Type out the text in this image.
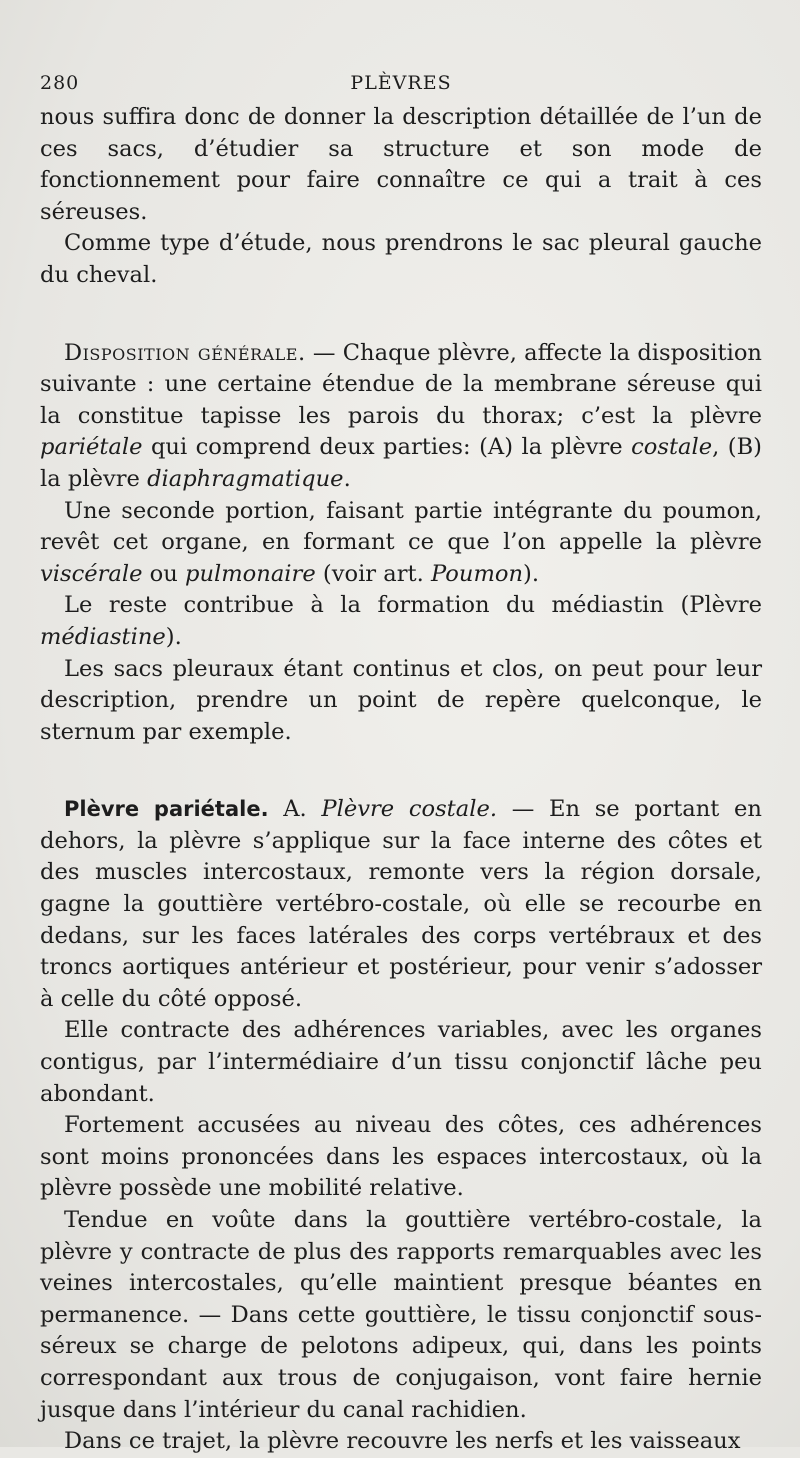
280	PLÈVRES

nous suffira donc de donner la description détaillée de l’un de ces sacs, d’étudier sa structure et son mode de fonctionnement pour faire connaître ce qui a trait à ces séreuses.

Comme type d’étude, nous prendrons le sac pleural gauche du cheval.

Disposition générale. — Chaque plèvre, affecte la disposition suivante : une certaine étendue de la membrane séreuse qui la constitue tapisse les parois du thorax; c’est la plèvre pariétale qui comprend deux parties: (A) la plèvre costale, (B) la plèvre diaphragmatique.

Une seconde portion, faisant partie intégrante du poumon, revêt cet organe, en formant ce que l’on appelle la plèvre viscérale ou pulmonaire (voir art. Poumon).

Le reste contribue à la formation du médiastin (Plèvre médiastine).

Les sacs pleuraux étant continus et clos, on peut pour leur description, prendre un point de repère quelconque, le sternum par exemple.

Plèvre pariétale. A. Plèvre costale. — En se portant en dehors, la plèvre s’applique sur la face interne des côtes et des muscles intercostaux, remonte vers la région dorsale, gagne la gouttière vertébro-costale, où elle se recourbe en dedans, sur les faces latérales des corps vertébraux et des troncs aortiques antérieur et postérieur, pour venir s’adosser à celle du côté opposé.

Elle contracte des adhérences variables, avec les organes contigus, par l’intermédiaire d’un tissu conjonctif lâche peu abondant.

Fortement accusées au niveau des côtes, ces adhérences sont moins prononcées dans les espaces intercostaux, où la plèvre possède une mobilité relative.

Tendue en voûte dans la gouttière vertébro-costale, la plèvre y contracte de plus des rapports remarquables avec les veines intercostales, qu’elle maintient presque béantes en permanence. — Dans cette gouttière, le tissu conjonctif sous-séreux se charge de pelotons adipeux, qui, dans les points correspondant aux trous de conjugaison, vont faire hernie jusque dans l’intérieur du canal rachidien.

Dans ce trajet, la plèvre recouvre les nerfs et les vaisseaux
